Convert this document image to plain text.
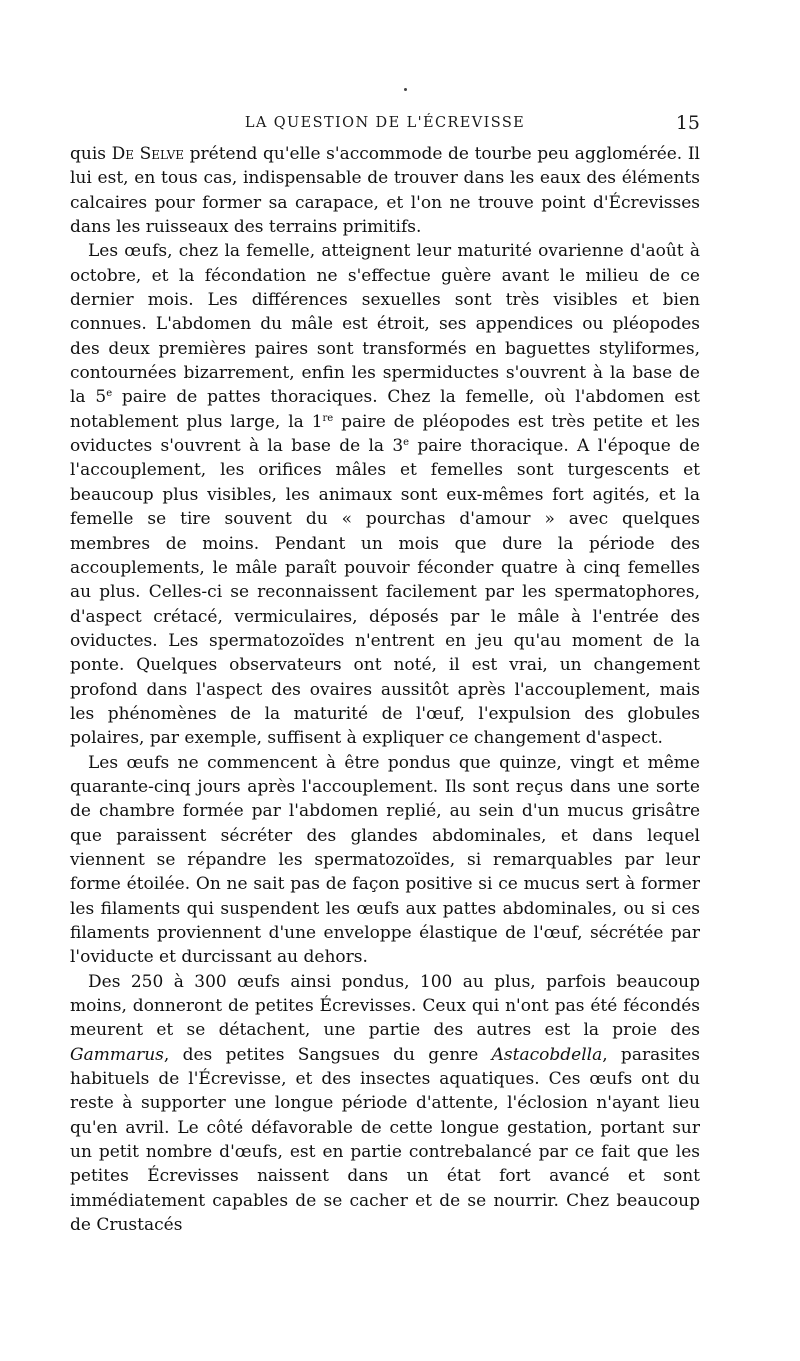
LA QUESTION DE L'ÉCREVISSE	15

quis De Selve prétend qu'elle s'accommode de tourbe peu agglomérée. Il lui est, en tous cas, indispensable de trouver dans les eaux des éléments calcaires pour former sa carapace, et l'on ne trouve point d'Écrevisses dans les ruisseaux des terrains primitifs.

Les œufs, chez la femelle, atteignent leur maturité ovarienne d'août à octobre, et la fécondation ne s'effectue guère avant le milieu de ce dernier mois. Les différences sexuelles sont très visibles et bien connues. L'abdomen du mâle est étroit, ses appendices ou pléopodes des deux premières paires sont transformés en baguettes styliformes, contournées bizarrement, enfin les spermiductes s'ouvrent à la base de la 5e paire de pattes thoraciques. Chez la femelle, où l'abdomen est notablement plus large, la 1re paire de pléopodes est très petite et les oviductes s'ouvrent à la base de la 3e paire thoracique. A l'époque de l'accouplement, les orifices mâles et femelles sont turgescents et beaucoup plus visibles, les animaux sont eux-mêmes fort agités, et la femelle se tire souvent du « pourchas d'amour » avec quelques membres de moins. Pendant un mois que dure la période des accouplements, le mâle paraît pouvoir féconder quatre à cinq femelles au plus. Celles-ci se reconnaissent facilement par les spermatophores, d'aspect crétacé, vermiculaires, déposés par le mâle à l'entrée des oviductes. Les spermatozoïdes n'entrent en jeu qu'au moment de la ponte. Quelques observateurs ont noté, il est vrai, un changement profond dans l'aspect des ovaires aussitôt après l'accouplement, mais les phénomènes de la maturité de l'œuf, l'expulsion des globules polaires, par exemple, suffisent à expliquer ce changement d'aspect.

Les œufs ne commencent à être pondus que quinze, vingt et même quarante-cinq jours après l'accouplement. Ils sont reçus dans une sorte de chambre formée par l'abdomen replié, au sein d'un mucus grisâtre que paraissent sécréter des glandes abdominales, et dans lequel viennent se répandre les spermatozoïdes, si remarquables par leur forme étoilée. On ne sait pas de façon positive si ce mucus sert à former les filaments qui suspendent les œufs aux pattes abdominales, ou si ces filaments proviennent d'une enveloppe élastique de l'œuf, sécrétée par l'oviducte et durcissant au dehors.

Des 250 à 300 œufs ainsi pondus, 100 au plus, parfois beaucoup moins, donneront de petites Écrevisses. Ceux qui n'ont pas été fécondés meurent et se détachent, une partie des autres est la proie des Gammarus, des petites Sangsues du genre Astacobdella, parasites habituels de l'Écrevisse, et des insectes aquatiques. Ces œufs ont du reste à supporter une longue période d'attente, l'éclosion n'ayant lieu qu'en avril. Le côté défavorable de cette longue gestation, portant sur un petit nombre d'œufs, est en partie contrebalancé par ce fait que les petites Écrevisses naissent dans un état fort avancé et sont immédiatement capables de se cacher et de se nourrir. Chez beaucoup de Crustacés
